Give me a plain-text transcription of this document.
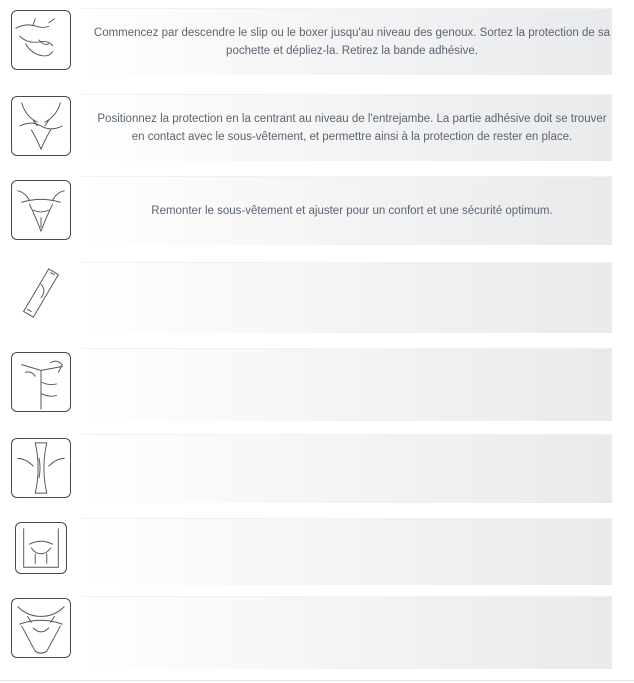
Commencez par descendre le slip ou le boxer jusqu'au niveau des genoux. Sortez la protection de sa pochette et dépliez-la. Retirez la bande adhésive.
Positionnez la protection en la centrant au niveau de l'entrejambe. La partie adhésive doit se trouver en contact avec le sous-vêtement, et permettre ainsi à la protection de rester en place.
Remonter le sous-vêtement et ajuster pour un confort et une sécurité optimum.
